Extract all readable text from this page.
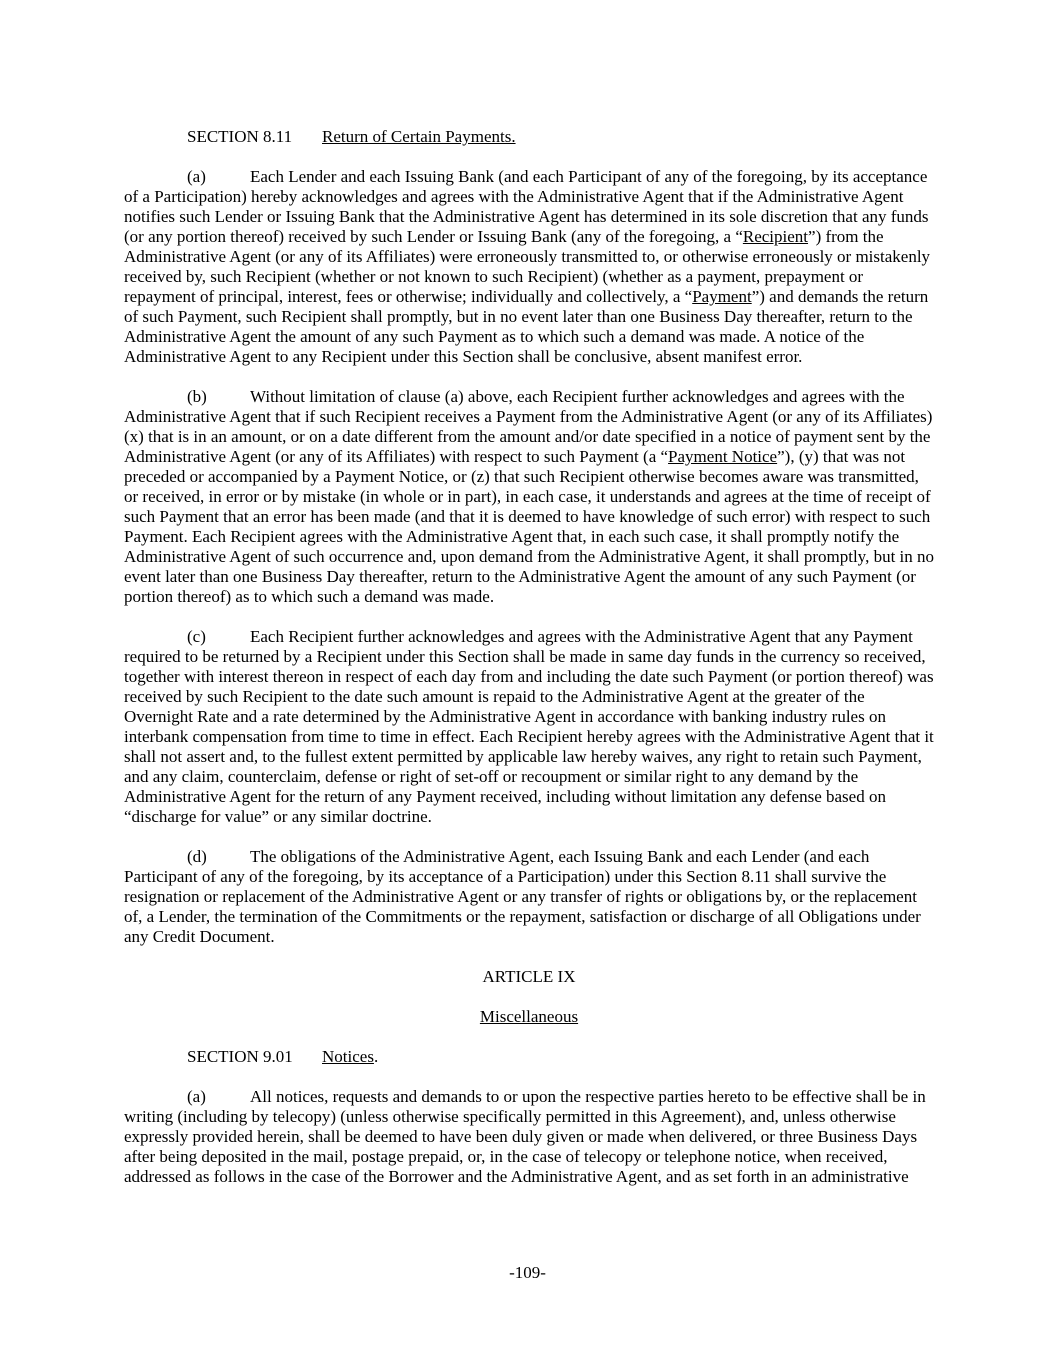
SECTION 8.11 Return of Certain Payments.
(a)	Each Lender and each Issuing Bank (and each Participant of any of the foregoing, by its acceptance of a Participation) hereby acknowledges and agrees with the Administrative Agent that if the Administrative Agent notifies such Lender or Issuing Bank that the Administrative Agent has determined in its sole discretion that any funds (or any portion thereof) received by such Lender or Issuing Bank (any of the foregoing, a “Recipient”) from the Administrative Agent (or any of its Affiliates) were erroneously transmitted to, or otherwise erroneously or mistakenly received by, such Recipient (whether or not known to such Recipient) (whether as a payment, prepayment or repayment of principal, interest, fees or otherwise; individually and collectively, a “Payment”) and demands the return of such Payment, such Recipient shall promptly, but in no event later than one Business Day thereafter, return to the Administrative Agent the amount of any such Payment as to which such a demand was made. A notice of the Administrative Agent to any Recipient under this Section shall be conclusive, absent manifest error.
(b)	Without limitation of clause (a) above, each Recipient further acknowledges and agrees with the Administrative Agent that if such Recipient receives a Payment from the Administrative Agent (or any of its Affiliates) (x) that is in an amount, or on a date different from the amount and/or date specified in a notice of payment sent by the Administrative Agent (or any of its Affiliates) with respect to such Payment (a “Payment Notice”), (y) that was not preceded or accompanied by a Payment Notice, or (z) that such Recipient otherwise becomes aware was transmitted, or received, in error or by mistake (in whole or in part), in each case, it understands and agrees at the time of receipt of such Payment that an error has been made (and that it is deemed to have knowledge of such error) with respect to such Payment. Each Recipient agrees with the Administrative Agent that, in each such case, it shall promptly notify the Administrative Agent of such occurrence and, upon demand from the Administrative Agent, it shall promptly, but in no event later than one Business Day thereafter, return to the Administrative Agent the amount of any such Payment (or portion thereof) as to which such a demand was made.
(c)	Each Recipient further acknowledges and agrees with the Administrative Agent that any Payment required to be returned by a Recipient under this Section shall be made in same day funds in the currency so received, together with interest thereon in respect of each day from and including the date such Payment (or portion thereof) was received by such Recipient to the date such amount is repaid to the Administrative Agent at the greater of the Overnight Rate and a rate determined by the Administrative Agent in accordance with banking industry rules on interbank compensation from time to time in effect. Each Recipient hereby agrees with the Administrative Agent that it shall not assert and, to the fullest extent permitted by applicable law hereby waives, any right to retain such Payment, and any claim, counterclaim, defense or right of set-off or recoupment or similar right to any demand by the Administrative Agent for the return of any Payment received, including without limitation any defense based on “discharge for value” or any similar doctrine.
(d)	The obligations of the Administrative Agent, each Issuing Bank and each Lender (and each Participant of any of the foregoing, by its acceptance of a Participation) under this Section 8.11 shall survive the resignation or replacement of the Administrative Agent or any transfer of rights or obligations by, or the replacement of, a Lender, the termination of the Commitments or the repayment, satisfaction or discharge of all Obligations under any Credit Document.
ARTICLE IX
Miscellaneous
SECTION 9.01 Notices.
(a)	All notices, requests and demands to or upon the respective parties hereto to be effective shall be in writing (including by telecopy) (unless otherwise specifically permitted in this Agreement), and, unless otherwise expressly provided herein, shall be deemed to have been duly given or made when delivered, or three Business Days after being deposited in the mail, postage prepaid, or, in the case of telecopy or telephone notice, when received, addressed as follows in the case of the Borrower and the Administrative Agent, and as set forth in an administrative
-109-
